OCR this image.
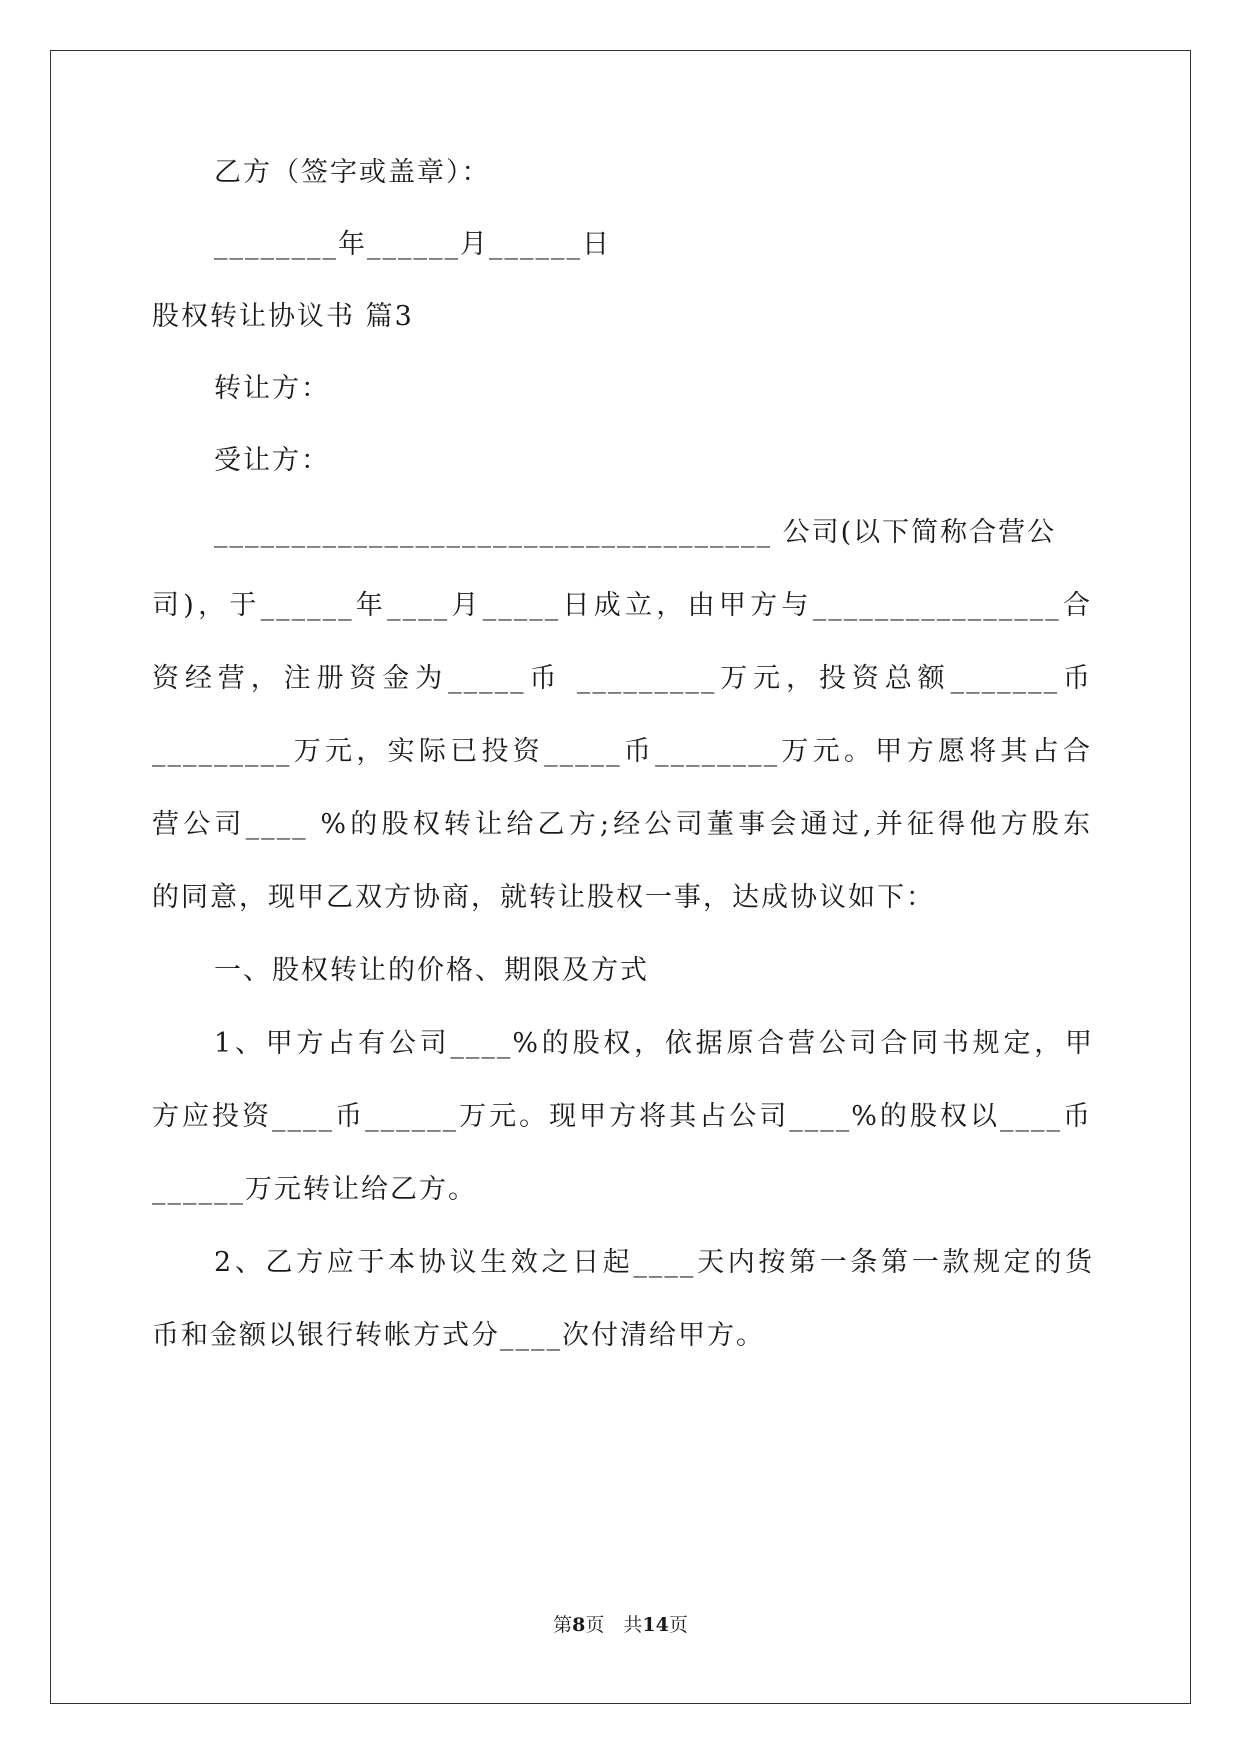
乙方（签字或盖章）：
________年______月______日
股权转让协议书 篇3
转让方：
受让方：
____________________________________ 公司(以下简称合营公
司)，于______年____月_____日成立，由甲方与________________合
资经营，注册资金为_____币 _________万元，投资总额_______币
_________万元，实际已投资_____币________万元。甲方愿将其占合
营公司____ %的股权转让给乙方;经公司董事会通过,并征得他方股东
的同意，现甲乙双方协商，就转让股权一事，达成协议如下：
一、股权转让的价格、期限及方式
1、甲方占有公司____%的股权，依据原合营公司合同书规定，甲
方应投资____币______万元。现甲方将其占公司____%的股权以____币
______万元转让给乙方。
2、乙方应于本协议生效之日起____天内按第一条第一款规定的货
币和金额以银行转帐方式分____次付清给甲方。
第8页　共14页
